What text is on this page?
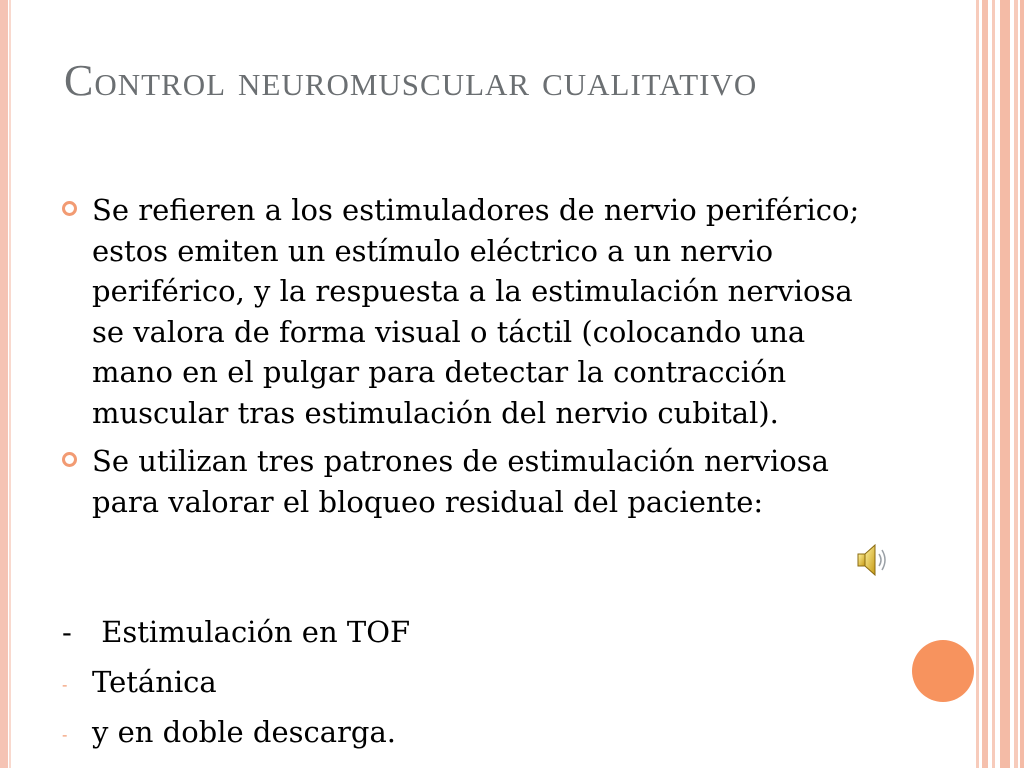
Control neuromuscular cualitativo
Se refieren a los estimuladores de nervio periférico; estos emiten un estímulo eléctrico a un nervio periférico, y la respuesta a la estimulación nerviosa se valora de forma visual o táctil (colocando una mano en el pulgar para detectar la contracción muscular tras estimulación del nervio cubital).
Se utilizan tres patrones de estimulación nerviosa para valorar el bloqueo residual del paciente:
- Estimulación en TOF
- Tetánica
- y en doble descarga.
